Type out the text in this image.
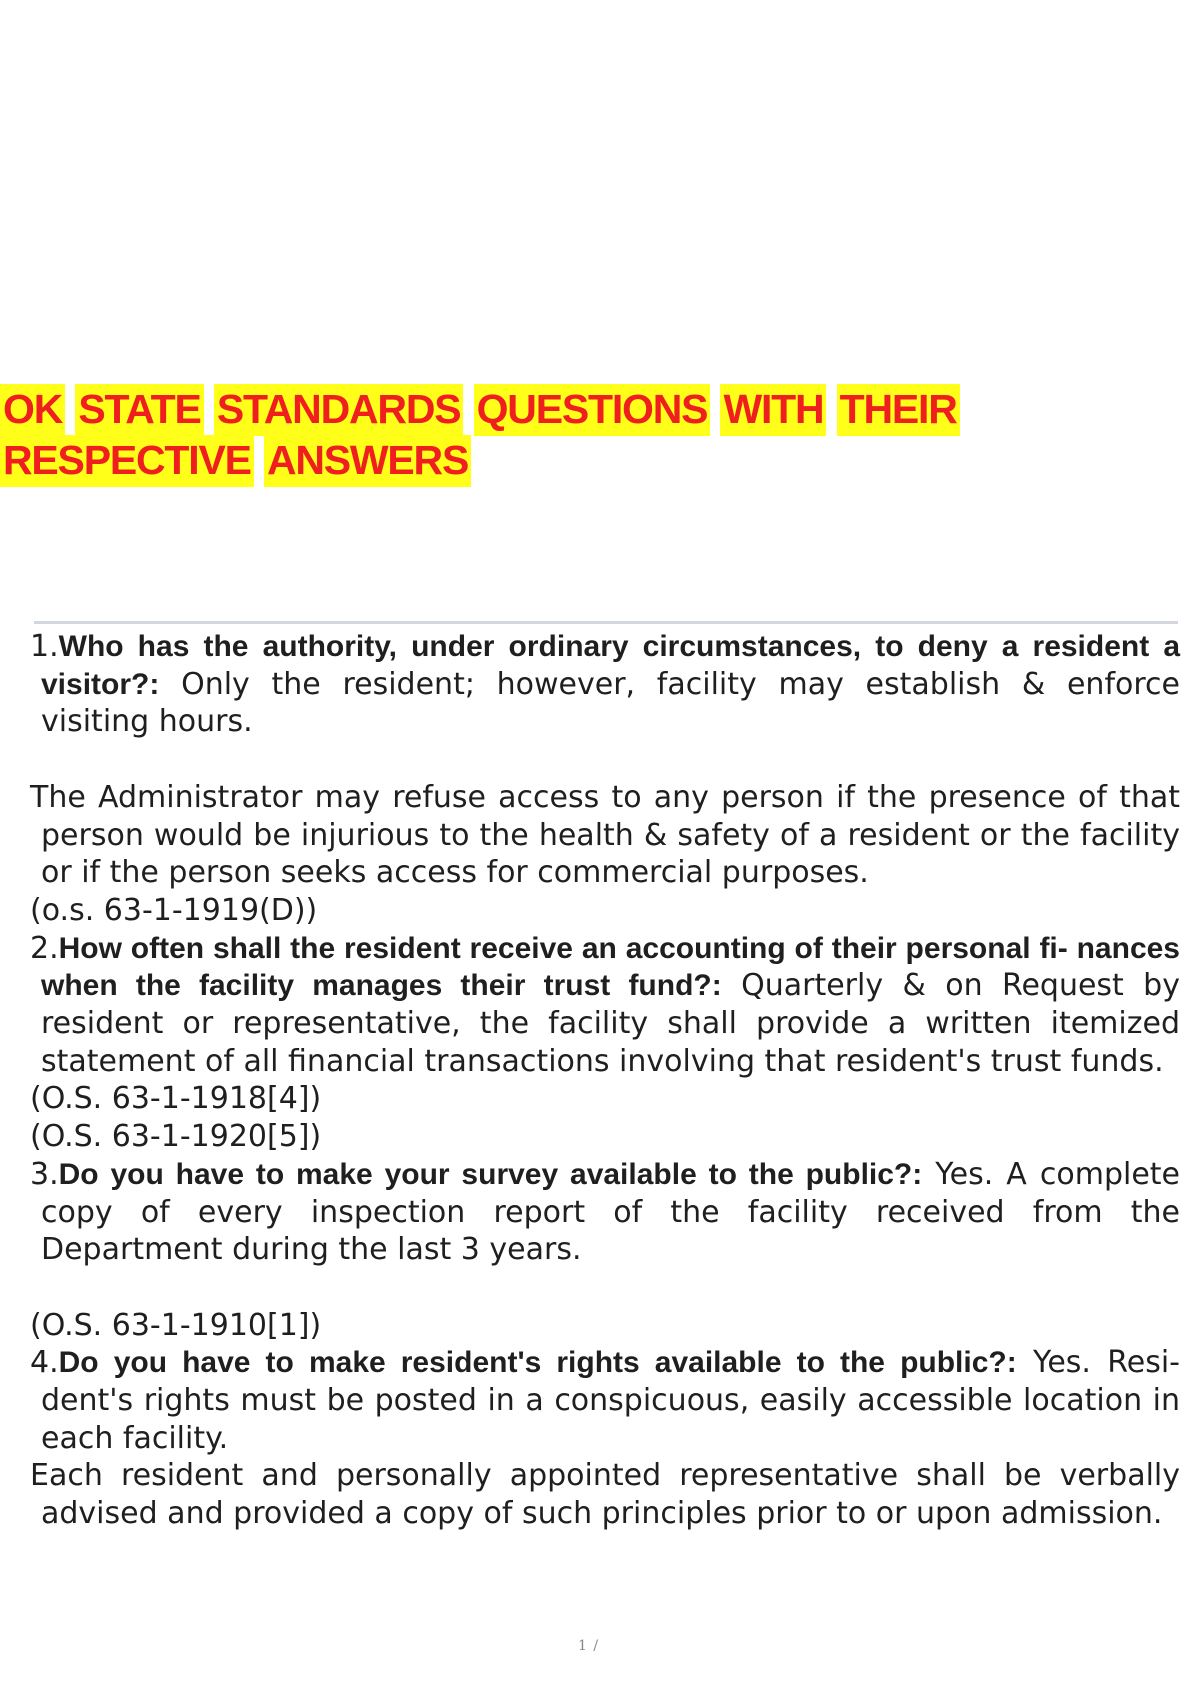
OK STATE STANDARDS QUESTIONS WITH THEIR RESPECTIVE ANSWERS

1.Who has the authority, under ordinary circumstances, to deny a resident a visitor?: Only the resident; however, facility may establish & enforce visiting hours.

The Administrator may refuse access to any person if the presence of that person would be injurious to the health & safety of a resident or the facility or if the person seeks access for commercial purposes.

(o.s. 63-1-1919(D))

2.How often shall the resident receive an accounting of their personal fi- nances when the facility manages their trust fund?: Quarterly & on Request by resident or representative, the facility shall provide a written itemized statement of all financial transactions involving that resident's trust funds.

(O.S. 63-1-1918[4])

(O.S. 63-1-1920[5])

3.Do you have to make your survey available to the public?: Yes. A complete copy of every inspection report of the facility received from the Department during the last 3 years.

(O.S. 63-1-1910[1])

4.Do you have to make resident's rights available to the public?: Yes. Resi- dent's rights must be posted in a conspicuous, easily accessible location in each facility.

Each resident and personally appointed representative shall be verbally advised and provided a copy of such principles prior to or upon admission.

1 /
